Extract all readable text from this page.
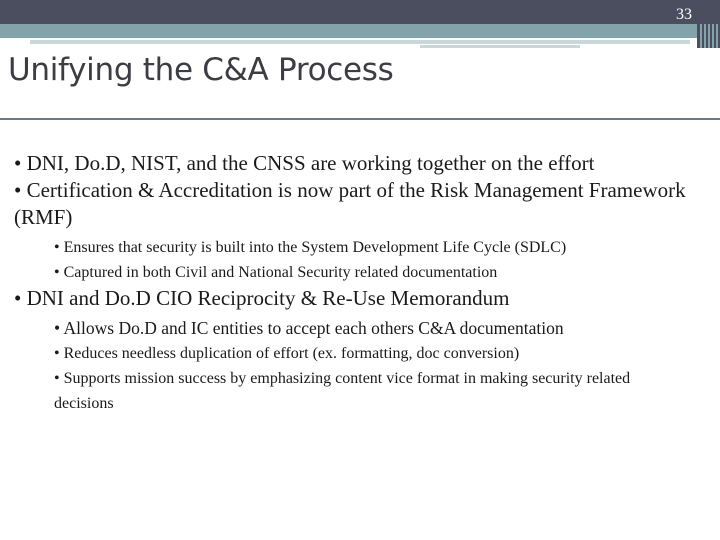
33
Unifying the C&A Process

• DNI, Do.D, NIST, and the CNSS are working together on the effort

• Certification & Accreditation is now part of the Risk Management Framework (RMF)

• Ensures that security is built into the System Development Life Cycle (SDLC)

• Captured in both Civil and National Security related documentation

• DNI and Do.D CIO Reciprocity & Re-Use Memorandum

• Allows Do.D and IC entities to accept each others C&A documentation

• Reduces needless duplication of effort (ex. formatting, doc conversion)

• Supports mission success by emphasizing content vice format in making security related decisions
